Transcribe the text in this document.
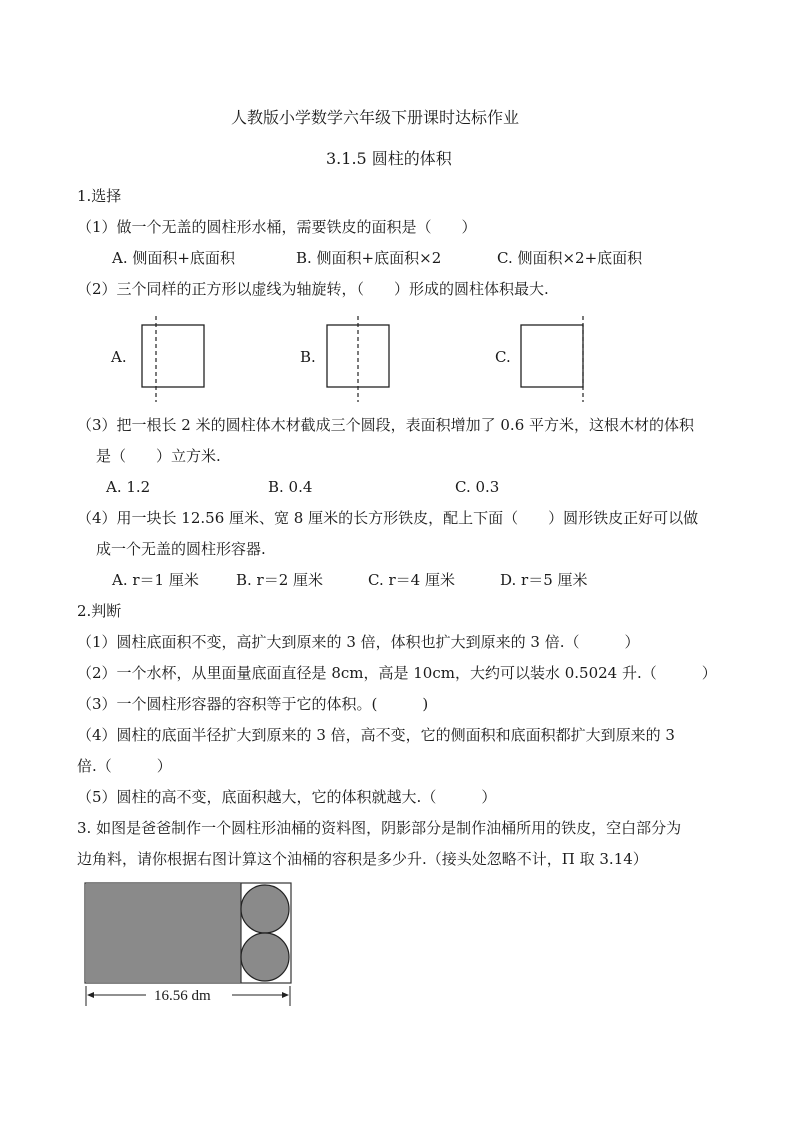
人教版小学数学六年级下册课时达标作业
3.1.5 圆柱的体积
1.选择
（1）做一个无盖的圆柱形水桶，需要铁皮的面积是（　　）
A. 侧面积+底面积	B. 侧面积+底面积×2	C. 侧面积×2+底面积
（2）三个同样的正方形以虚线为轴旋转，（　　）形成的圆柱体积最大.
A.	B.	C.
（3）把一根长 2 米的圆柱体木材截成三个圆段，表面积增加了 0.6 平方米，这根木材的体积
是（　　）立方米.
A. 1.2	B. 0.4	C. 0.3
（4）用一块长 12.56 厘米、宽 8 厘米的长方形铁皮，配上下面（　　）圆形铁皮正好可以做
成一个无盖的圆柱形容器.
A. r＝1 厘米 B. r＝2 厘米	C. r＝4 厘米	D. r＝5 厘米
2.判断
（1）圆柱底面积不变，高扩大到原来的 3 倍，体积也扩大到原来的 3 倍.（　　　）
（2）一个水杯，从里面量底面直径是 8cm，高是 10cm，大约可以装水 0.5024 升.（　　　）
（3）一个圆柱形容器的容积等于它的体积。(　　　)
（4）圆柱的底面半径扩大到原来的 3 倍，高不变，它的侧面积和底面积都扩大到原来的 3
倍.（　　　）
（5）圆柱的高不变，底面积越大，它的体积就越大.（　　　）
3. 如图是爸爸制作一个圆柱形油桶的资料图，阴影部分是制作油桶所用的铁皮，空白部分为
边角料，请你根据右图计算这个油桶的容积是多少升.（接头处忽略不计，Π 取 3.14）
16.56 dm
